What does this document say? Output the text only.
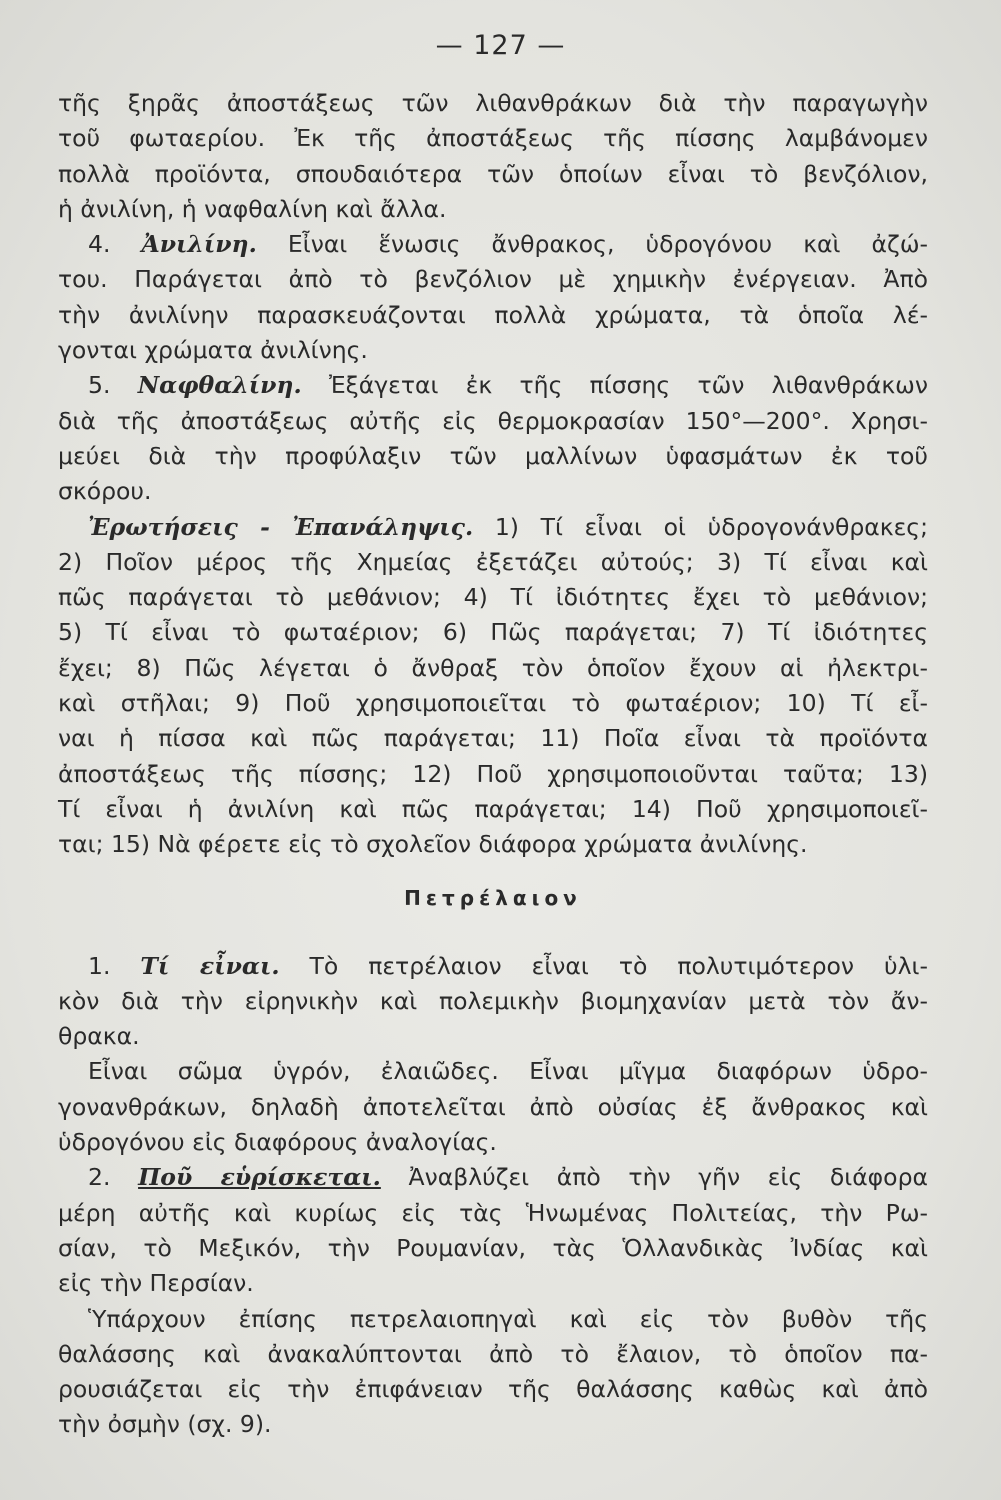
— 127 —
τῆς ξηρᾶς ἀποστάξεως τῶν λιθανθράκων διὰ τὴν παραγωγὴν
τοῦ φωταερίου. Ἐκ τῆς ἀποστάξεως τῆς πίσσης λαμβάνομεν
πολλὰ προϊόντα, σπουδαιότερα τῶν ὁποίων εἶναι τὸ βενζόλιον,
ἡ ἀνιλίνη, ἡ ναφθαλίνη καὶ ἄλλα.
4. Ἀνιλίνη. Εἶναι ἕνωσις ἄνθρακος, ὑδρογόνου καὶ ἀζώ-
του. Παράγεται ἀπὸ τὸ βενζόλιον μὲ χημικὴν ἐνέργειαν. Ἀπὸ
τὴν ἀνιλίνην παρασκευάζονται πολλὰ χρώματα, τὰ ὁποῖα λέ-
γονται χρώματα ἀνιλίνης.
5. Ναφθαλίνη. Ἐξάγεται ἐκ τῆς πίσσης τῶν λιθανθράκων
διὰ τῆς ἀποστάξεως αὐτῆς εἰς θερμοκρασίαν 150°—200°. Χρησι-
μεύει διὰ τὴν προφύλαξιν τῶν μαλλίνων ὑφασμάτων ἐκ τοῦ
σκόρου.
Ἐρωτήσεις - Ἐπανάληψις. 1) Τί εἶναι οἱ ὑδρογονάνθρακες;
2) Ποῖον μέρος τῆς Χημείας ἐξετάζει αὐτούς; 3) Τί εἶναι καὶ
πῶς παράγεται τὸ μεθάνιον; 4) Τί ἰδιότητες ἔχει τὸ μεθάνιον;
5) Τί εἶναι τὸ φωταέριον; 6) Πῶς παράγεται; 7) Τί ἰδιότητες
ἔχει; 8) Πῶς λέγεται ὁ ἄνθραξ τὸν ὁποῖον ἔχουν αἱ ἠλεκτρι-
καὶ στῆλαι; 9) Ποῦ χρησιμοποιεῖται τὸ φωταέριον; 10) Τί εἶ-
ναι ἡ πίσσα καὶ πῶς παράγεται; 11) Ποῖα εἶναι τὰ προϊόντα
ἀποστάξεως τῆς πίσσης; 12) Ποῦ χρησιμοποιοῦνται ταῦτα; 13)
Τί εἶναι ἡ ἀνιλίνη καὶ πῶς παράγεται; 14) Ποῦ χρησιμοποιεῖ-
ται; 15) Νὰ φέρετε εἰς τὸ σχολεῖον διάφορα χρώματα ἀνιλίνης.
Πετρέλαιον
1. Τί εἶναι. Τὸ πετρέλαιον εἶναι τὸ πολυτιμότερον ὑλι-
κὸν διὰ τὴν εἰρηνικὴν καὶ πολεμικὴν βιομηχανίαν μετὰ τὸν ἄν-
θρακα.
Εἶναι σῶμα ὑγρόν, ἐλαιῶδες. Εἶναι μῖγμα διαφόρων ὑδρο-
γονανθράκων, δηλαδὴ ἀποτελεῖται ἀπὸ οὐσίας ἐξ ἄνθρακος καὶ
ὑδρογόνου εἰς διαφόρους ἀναλογίας.
2. Ποῦ εὑρίσκεται. Ἀναβλύζει ἀπὸ τὴν γῆν εἰς διάφορα
μέρη αὐτῆς καὶ κυρίως εἰς τὰς Ἡνωμένας Πολιτείας, τὴν Ρω-
σίαν, τὸ Μεξικόν, τὴν Ρουμανίαν, τὰς Ὁλλανδικὰς Ἰνδίας καὶ
εἰς τὴν Περσίαν.
Ὑπάρχουν ἐπίσης πετρελαιοπηγαὶ καὶ εἰς τὸν βυθὸν τῆς
θαλάσσης καὶ ἀνακαλύπτονται ἀπὸ τὸ ἔλαιον, τὸ ὁποῖον πα-
ρουσιάζεται εἰς τὴν ἐπιφάνειαν τῆς θαλάσσης καθὼς καὶ ἀπὸ
τὴν ὀσμὴν (σχ. 9).
